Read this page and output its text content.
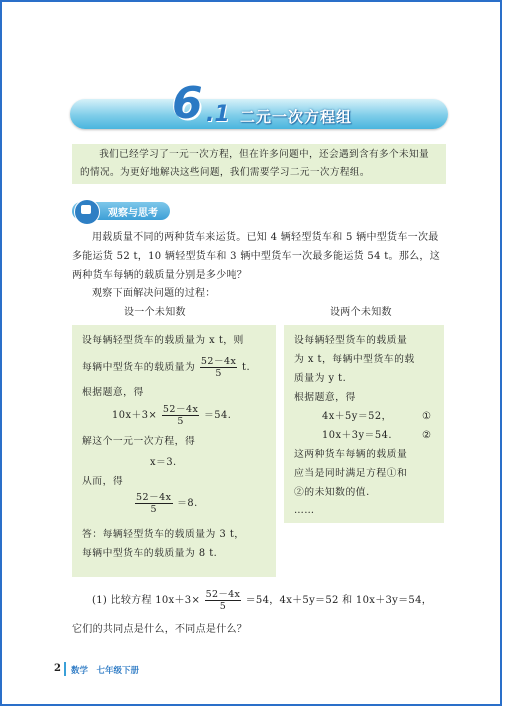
6 .1 二元一次方程组
我们已经学习了一元一次方程，但在许多问题中，还会遇到含有多个未知量的情况。为更好地解决这些问题，我们需要学习二元一次方程组。
观察与思考
用载质量不同的两种货车来运货。已知 4 辆轻型货车和 5 辆中型货车一次最多能运货 52 t，10 辆轻型货车和 3 辆中型货车一次最多能运货 54 t。那么，这两种货车每辆的载质量分别是多少吨？
观察下面解决问题的过程：
设一个未知数	设两个未知数
设每辆轻型货车的载质量为 x t，则
每辆中型货车的载质量为 $\frac{52-4x}{5} t$.
根据题意，得
$10x+3\times \frac{52-4x}{5} =54$.
解这个一元一次方程，得
x＝3.
从而，得
$\frac{52-4x}{5} =8$.
答：每辆轻型货车的载质量为 3 t，
每辆中型货车的载质量为 8 t.
设每辆轻型货车的载质量
为 x t，每辆中型货车的载
质量为 y t.
根据题意，得
4x＋5y＝52，	①
10x＋3y＝54.	②
这两种货车每辆的载质量
应当是同时满足方程①和
②的未知数的值.
……
(1) 比较方程 $10x+3\times \frac{52-4x}{5} =54$，4x＋5y＝52 和 10x＋3y＝54，
它们的共同点是什么，不同点是什么？
2 数学　七年级下册
